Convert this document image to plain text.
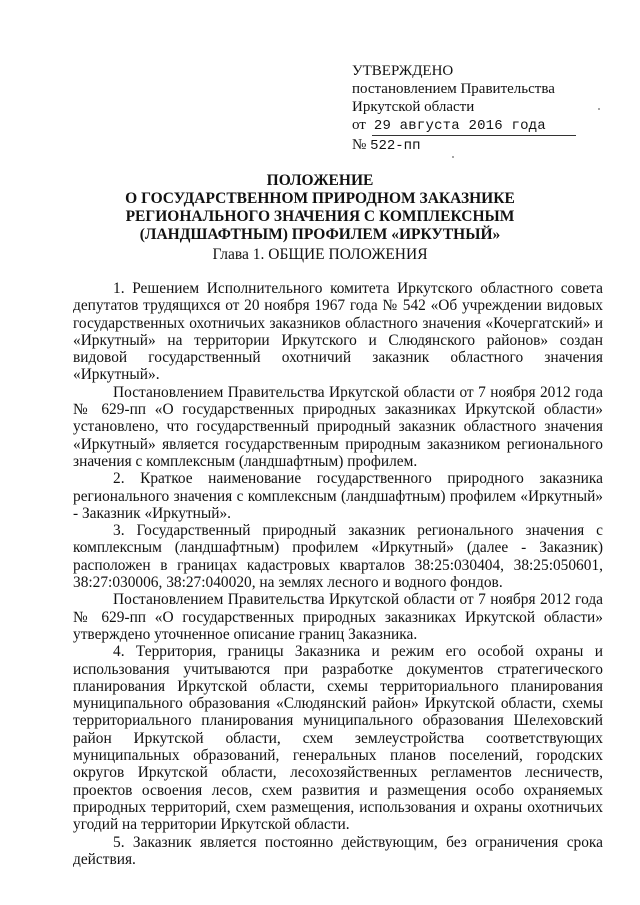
УТВЕРЖДЕНО
постановлением Правительства
Иркутской области
от 29 августа 2016 года
№ 522-пп
ПОЛОЖЕНИЕ
О ГОСУДАРСТВЕННОМ ПРИРОДНОМ ЗАКАЗНИКЕ
РЕГИОНАЛЬНОГО ЗНАЧЕНИЯ С КОМПЛЕКСНЫМ
(ЛАНДШАФТНЫМ) ПРОФИЛЕМ «ИРКУТНЫЙ»
Глава 1. ОБЩИЕ ПОЛОЖЕНИЯ

1. Решением Исполнительного комитета Иркутского областного совета депутатов трудящихся от 20 ноября 1967 года № 542 «Об учреждении видовых государственных охотничьих заказников областного значения «Кочергатский» и «Иркутный» на территории Иркутского и Слюдянского районов» создан видовой государственный охотничий заказник областного значения «Иркутный».

Постановлением Правительства Иркутской области от 7 ноября 2012 года № 629-пп «О государственных природных заказниках Иркутской области» установлено, что государственный природный заказник областного значения «Иркутный» является государственным природным заказником регионального значения с комплексным (ландшафтным) профилем.

2. Краткое наименование государственного природного заказника регионального значения с комплексным (ландшафтным) профилем «Иркутный» - Заказник «Иркутный».

3. Государственный природный заказник регионального значения с комплексным (ландшафтным) профилем «Иркутный» (далее - Заказник) расположен в границах кадастровых кварталов 38:25:030404, 38:25:050601, 38:27:030006, 38:27:040020, на землях лесного и водного фондов.

Постановлением Правительства Иркутской области от 7 ноября 2012 года № 629-пп «О государственных природных заказниках Иркутской области» утверждено уточненное описание границ Заказника.

4. Территория, границы Заказника и режим его особой охраны и использования учитываются при разработке документов стратегического планирования Иркутской области, схемы территориального планирования муниципального образования «Слюдянский район» Иркутской области, схемы территориального планирования муниципального образования Шелеховский район Иркутской области, схем землеустройства соответствующих муниципальных образований, генеральных планов поселений, городских округов Иркутской области, лесохозяйственных регламентов лесничеств, проектов освоения лесов, схем развития и размещения особо охраняемых природных территорий, схем размещения, использования и охраны охотничьих угодий на территории Иркутской области.

5. Заказник является постоянно действующим, без ограничения срока действия.
